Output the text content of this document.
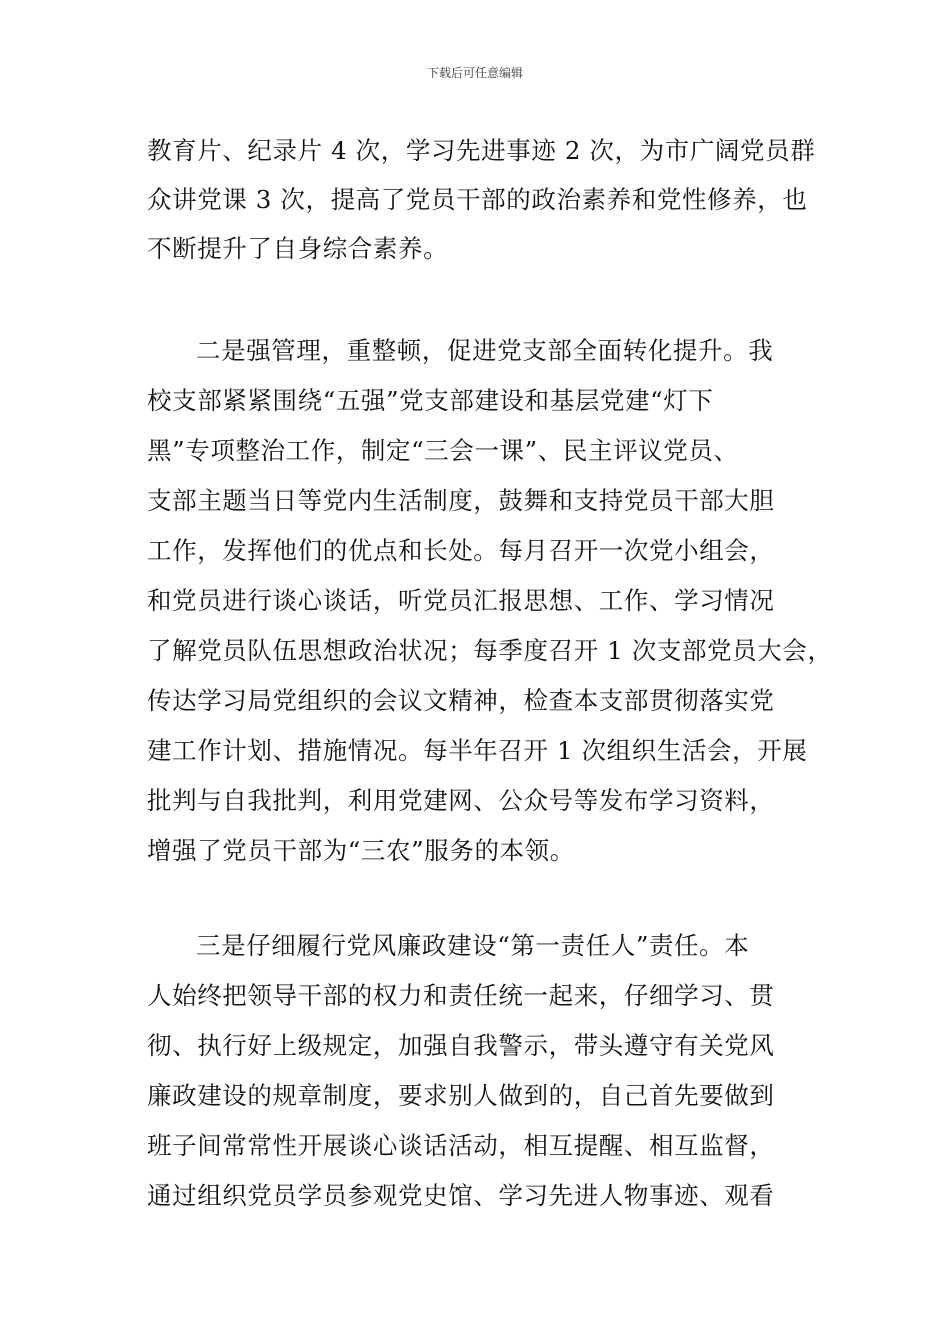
下载后可任意编辑
教育片、纪录片 4 次，学习先进事迹 2 次，为市广阔党员群
众讲党课 3 次，提高了党员干部的政治素养和党性修养，也
不断提升了自身综合素养。
二是强管理，重整顿，促进党支部全面转化提升。我
校支部紧紧围绕“五强”党支部建设和基层党建“灯下
黑”专项整治工作，制定“三会一课”、民主评议党员、
支部主题当日等党内生活制度，鼓舞和支持党员干部大胆
工作，发挥他们的优点和长处。每月召开一次党小组会，
和党员进行谈心谈话，听党员汇报思想、工作、学习情况
了解党员队伍思想政治状况；每季度召开 1 次支部党员大会，
传达学习局党组织的会议文精神，检查本支部贯彻落实党
建工作计划、措施情况。每半年召开 1 次组织生活会，开展
批判与自我批判，利用党建网、公众号等发布学习资料，
增强了党员干部为“三农”服务的本领。
三是仔细履行党风廉政建设“第一责任人”责任。本
人始终把领导干部的权力和责任统一起来，仔细学习、贯
彻、执行好上级规定，加强自我警示，带头遵守有关党风
廉政建设的规章制度，要求别人做到的，自己首先要做到
班子间常常性开展谈心谈话活动，相互提醒、相互监督，
通过组织党员学员参观党史馆、学习先进人物事迹、观看
